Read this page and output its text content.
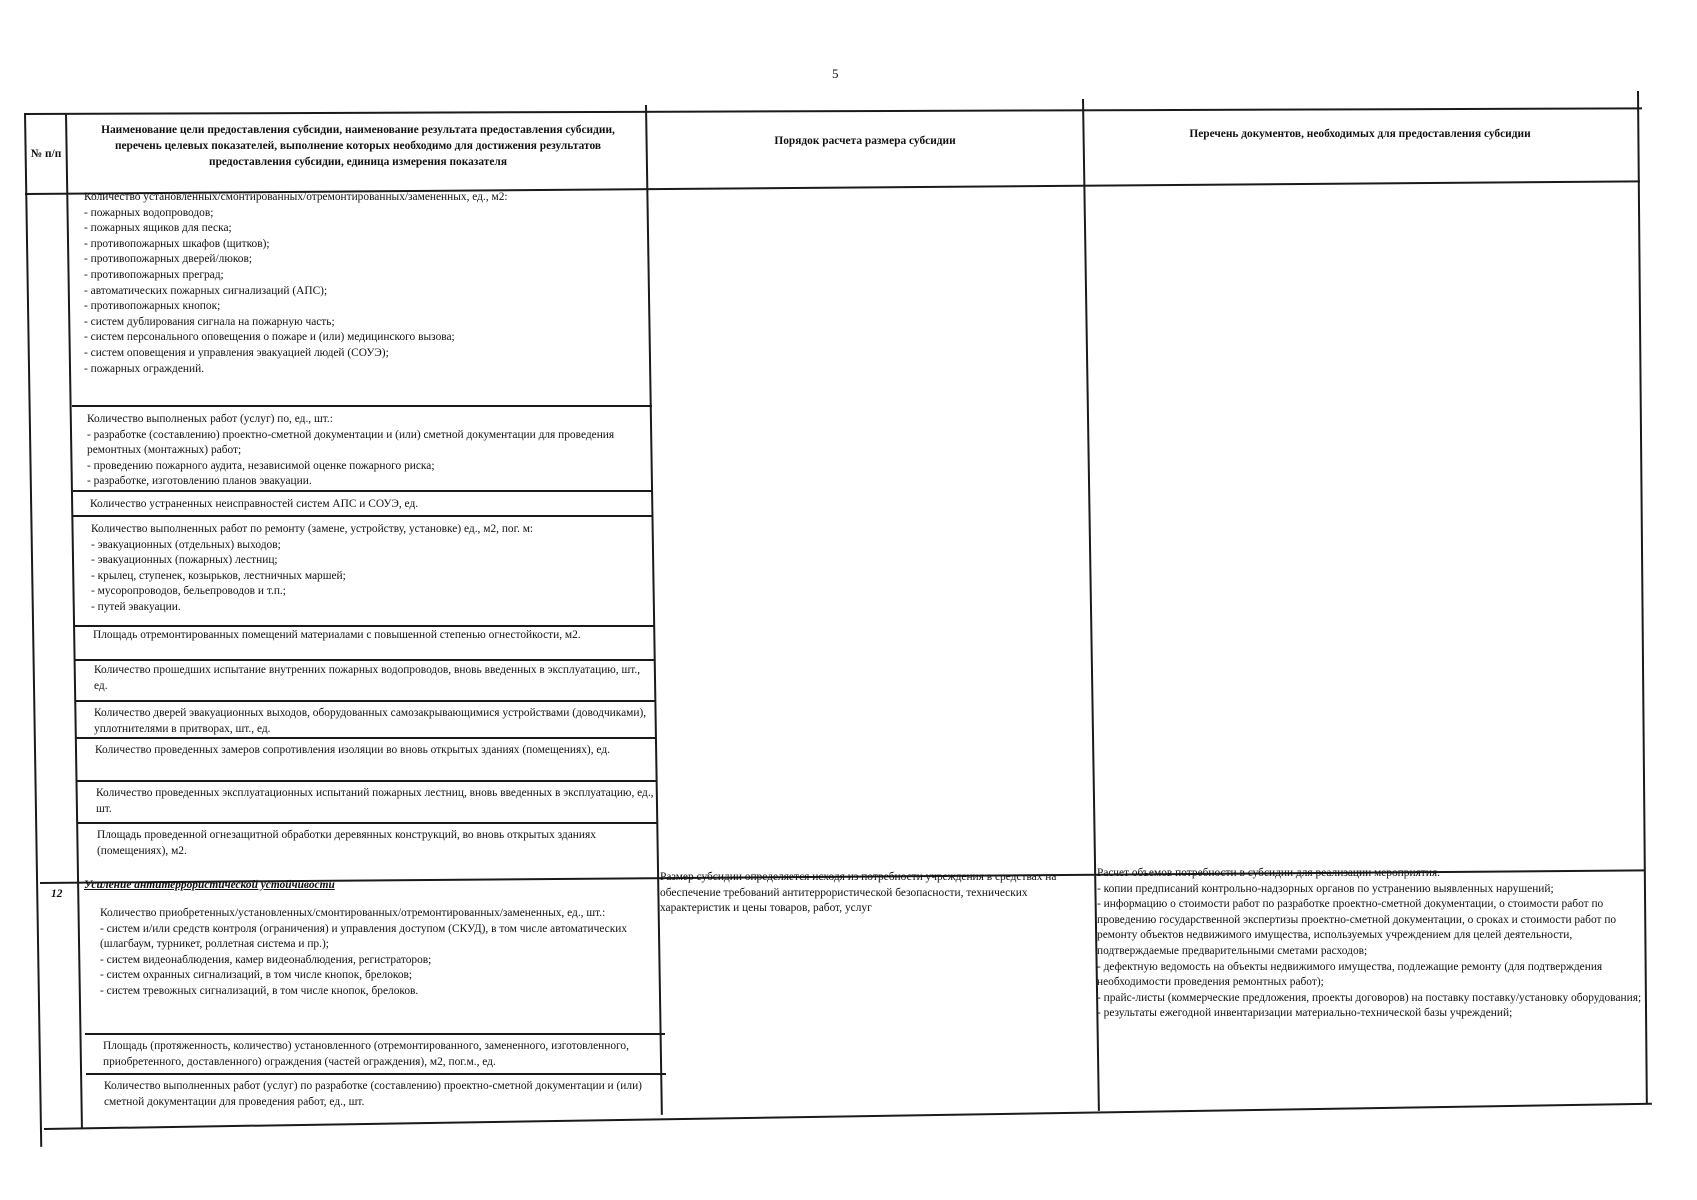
5
№ п/п
Наименование цели предоставления субсидии, наименование результата предоставления субсидии, перечень целевых показателей, выполнение которых необходимо для достижения результатов предоставления субсидии, единица измерения показателя
Порядок расчета размера субсидии
Перечень документов, необходимых для предоставления субсидии
Количество установленных/смонтированных/отремонтированных/замененных, ед., м2:
- пожарных водопроводов;
- пожарных ящиков для песка;
- противопожарных шкафов (щитков);
- противопожарных дверей/люков;
- противопожарных преград;
- автоматических пожарных сигнализаций (АПС);
- противопожарных кнопок;
- систем дублирования сигнала на пожарную часть;
- систем персонального оповещения о пожаре и (или) медицинского вызова;
- систем оповещения и управления эвакуацией людей (СОУЭ);
- пожарных ограждений.
Количество выполненых работ (услуг) по, ед., шт.:
- разработке (составлению) проектно-сметной документации и (или) сметной документации для проведения ремонтных (монтажных) работ;
- проведению пожарного аудита, независимой оценке пожарного риска;
- разработке, изготовлению планов эвакуации.
Количество устраненных неисправностей систем АПС и СОУЭ, ед.
Количество выполненных работ по ремонту (замене, устройству, установке) ед., м2, пог. м:
- эвакуационных (отдельных) выходов;
- эвакуационных (пожарных) лестниц;
- крылец, ступенек, козырьков, лестничных маршей;
- мусоропроводов, бельепроводов и т.п.;
- путей эвакуации.
Площадь отремонтированных помещений материалами с повышенной степенью огнестойкости, м2.
Количество прошедших испытание внутренних пожарных водопроводов, вновь введенных в эксплуатацию, шт., ед.
Количество дверей эвакуационных выходов, оборудованных самозакрывающимися устройствами (доводчиками), уплотнителями в притворах, шт., ед.
Количество проведенных замеров сопротивления изоляции во вновь открытых зданиях (помещениях), ед.
Количество проведенных эксплуатационных испытаний пожарных лестниц, вновь введенных в эксплуатацию, ед., шт.
Площадь проведенной огнезащитной обработки деревянных конструкций, во вновь открытых зданиях (помещениях), м2.
12
Усиление антитеррористической устойчивости
Количество приобретенных/установленных/смонтированных/отремонтированных/замененных, ед., шт.:
- систем и/или средств контроля (ограничения) и управления доступом (СКУД), в том числе автоматических (шлагбаум, турникет, роллетная система и пр.);
- систем видеонаблюдения, камер видеонаблюдения, регистраторов;
- систем охранных сигнализаций, в том числе кнопок, брелоков;
- систем тревожных сигнализаций, в том числе кнопок, брелоков.
Площадь (протяженность, количество) установленного (отремонтированного, замененного, изготовленного, приобретенного, доставленного) ограждения (частей ограждения), м2, пог.м., ед.
Количество выполненных работ (услуг) по разработке (составлению) проектно-сметной документации и (или) сметной документации для проведения работ, ед., шт.
Размер субсидии определяется исходя из потребности учреждения в средствах на обеспечение требований антитеррористической безопасности, технических характеристик и цены товаров, работ, услуг
Расчет объемов потребности в субсидии для реализации мероприятия.
- копии предписаний контрольно-надзорных органов по устранению выявленных нарушений;
- информацию о стоимости работ по разработке проектно-сметной документации, о стоимости работ по проведению государственной экспертизы проектно-сметной документации, о сроках и стоимости работ по ремонту объектов недвижимого имущества, используемых учреждением для целей деятельности, подтверждаемые предварительными сметами расходов;
- дефектную ведомость на объекты недвижимого имущества, подлежащие ремонту (для подтверждения необходимости проведения ремонтных работ);
- прайс-листы (коммерческие предложения, проекты договоров) на поставку поставку/установку оборудования;
- результаты ежегодной инвентаризации материально-технической базы учреждений;
